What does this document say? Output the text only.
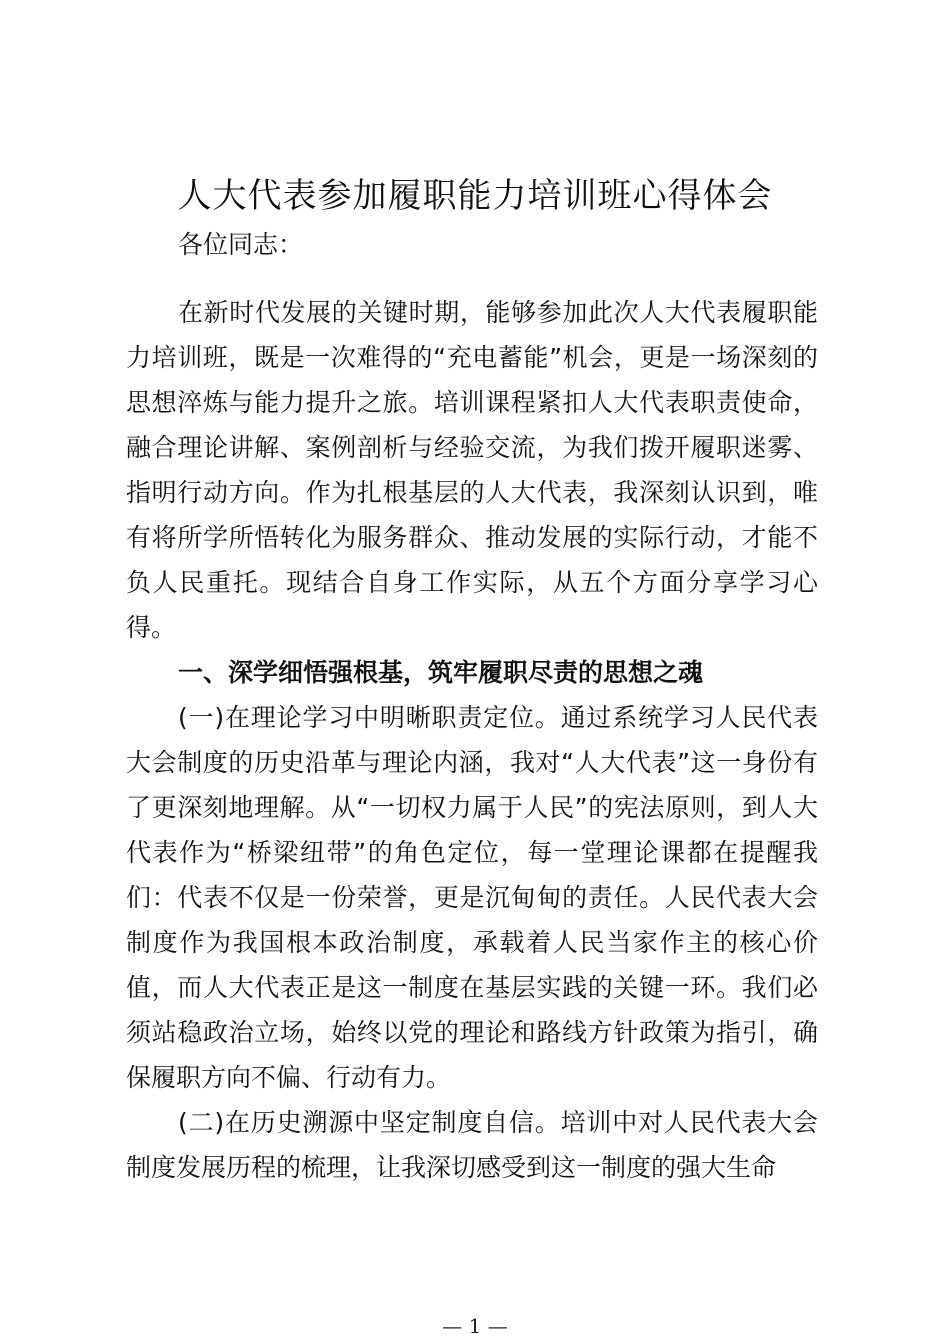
人大代表参加履职能力培训班心得体会
各位同志：
在新时代发展的关键时期，能够参加此次人大代表履职能
力培训班，既是一次难得的“充电蓄能”机会，更是一场深刻的
思想淬炼与能力提升之旅。培训课程紧扣人大代表职责使命，
融合理论讲解、案例剖析与经验交流，为我们拨开履职迷雾、
指明行动方向。作为扎根基层的人大代表，我深刻认识到，唯
有将所学所悟转化为服务群众、推动发展的实际行动，才能不
负人民重托。现结合自身工作实际，从五个方面分享学习心
得。
一、深学细悟强根基，筑牢履职尽责的思想之魂
(一)在理论学习中明晰职责定位。通过系统学习人民代表
大会制度的历史沿革与理论内涵，我对“人大代表”这一身份有
了更深刻地理解。从“一切权力属于人民”的宪法原则，到人大
代表作为“桥梁纽带”的角色定位，每一堂理论课都在提醒我
们：代表不仅是一份荣誉，更是沉甸甸的责任。人民代表大会
制度作为我国根本政治制度，承载着人民当家作主的核心价
值，而人大代表正是这一制度在基层实践的关键一环。我们必
须站稳政治立场，始终以党的理论和路线方针政策为指引，确
保履职方向不偏、行动有力。
(二)在历史溯源中坚定制度自信。培训中对人民代表大会
制度发展历程的梳理，让我深切感受到这一制度的强大生命
— 1 —
